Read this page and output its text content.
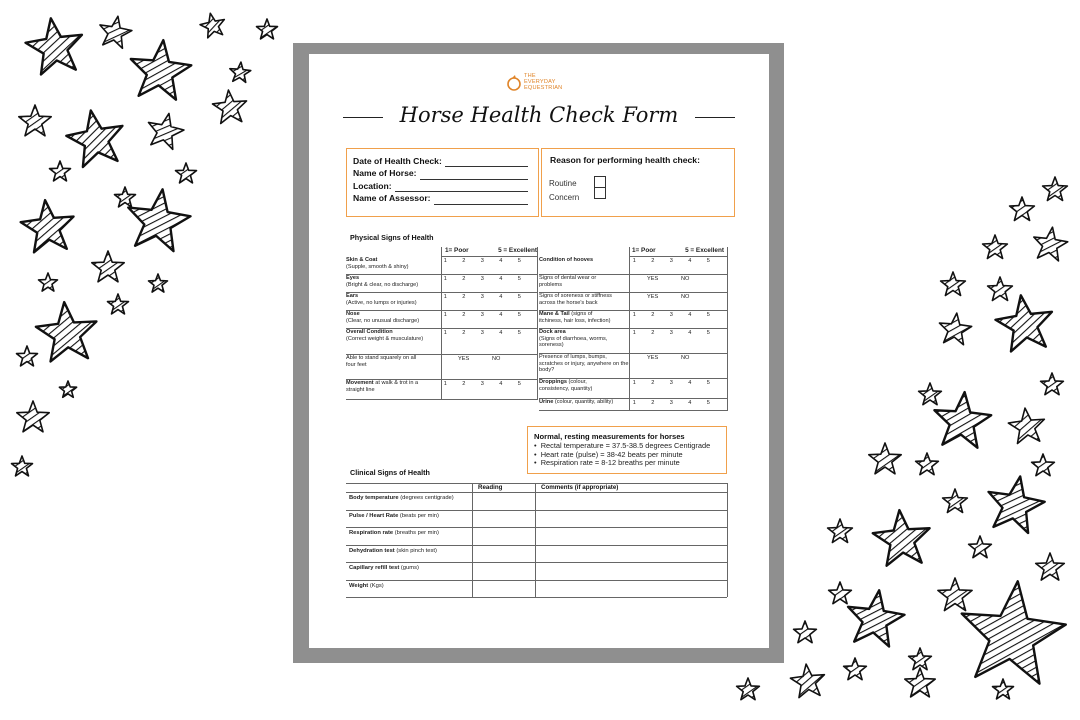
THE
EVERYDAY
EQUESTRIAN
Horse Health Check Form
Date of Health Check:
Name of Horse:
Location:
Name of Assessor:
Reason for performing health check:
Routine
Concern
Physical Signs of Health
1= Poor	5 = Excellent	1= Poor	5 = Excellent
Skin & Coat
(Supple, smooth & shiny)
1	2	3	4	5
Eyes
(Bright & clear, no discharge)
1	2	3	4	5
Ears
(Active, no lumps or injuries)
1	2	3	4	5
Nose
(Clear, no unusual discharge)
1	2	3	4	5
Overall Condition
(Correct weight & musculature)
1	2	3	4	5
Able to stand squarely on all
four feet
YES	NO
Movement at walk & trot in a
straight line
1	2	3	4	5
Condition of hooves	1	2	3	4	5
Signs of dental wear or
problems
YES	NO
Signs of soreness or stiffness
across the horse's back
YES	NO
Mane & Tail (signs of
itchiness, hair loss, infection)
1	2	3	4	5
Dock area
(Signs of diarrhoea, worms, soreness)
1	2	3	4	5
Presence of lumps, bumps,
scratches or injury, anywhere on the body?
YES	NO
Droppings (colour,
consistency, quantity)
1	2	3	4	5
Urine (colour, quantity, ability)	1	2	3	4	5
Normal, resting measurements for horses
•  Rectal temperature = 37.5-38.5 degrees Centigrade
•  Heart rate (pulse) = 38-42 beats per minute
•  Respiration rate = 8-12 breaths per minute
Clinical Signs of Health
Reading	Comments (if appropriate)
Body temperature (degrees centigrade)
Pulse / Heart Rate (beats per min)
Respiration rate (breaths per min)
Dehydration test (skin pinch test)
Capillary refill test (gums)
Weight (Kgs)
